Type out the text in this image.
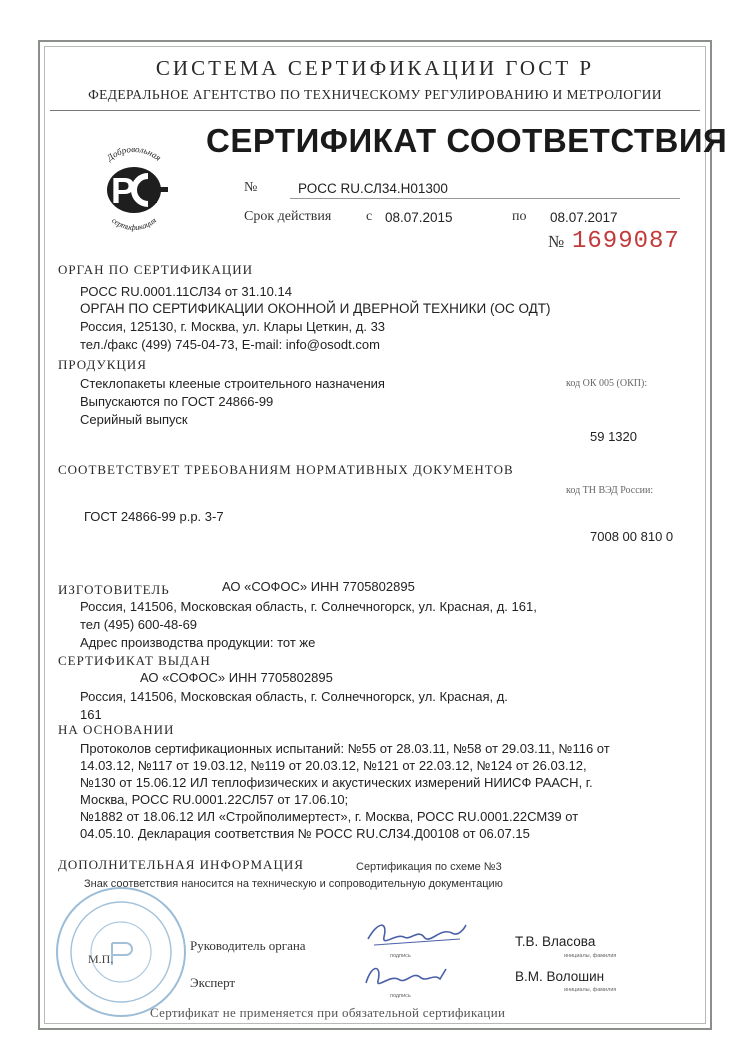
СИСТЕМА СЕРТИФИКАЦИИ ГОСТ Р
ФЕДЕРАЛЬНОЕ АГЕНТСТВО ПО ТЕХНИЧЕСКОМУ РЕГУЛИРОВАНИЮ И МЕТРОЛОГИИ
Добровольная
Р
сертификация
СЕРТИФИКАТ СООТВЕТСТВИЯ
№	РОСС RU.СЛ34.Н01300
Срок действия с 08.07.2015	по 08.07.2017
№ 1699087
ОРГАН ПО СЕРТИФИКАЦИИ
РОСС RU.0001.11СЛ34 от 31.10.14
ОРГАН ПО СЕРТИФИКАЦИИ ОКОННОЙ И ДВЕРНОЙ ТЕХНИКИ (ОС ОДТ)
Россия, 125130, г. Москва, ул. Клары Цеткин, д. 33
тел./факс (499) 745-04-73, E-mail: info@osodt.com
ПРОДУКЦИЯ
код ОК 005 (ОКП):
Стеклопакеты клееные строительного назначения
Выпускаются по ГОСТ 24866-99
Серийный выпуск
59 1320
СООТВЕТСТВУЕТ ТРЕБОВАНИЯМ НОРМАТИВНЫХ ДОКУМЕНТОВ
код ТН ВЭД России:
ГОСТ 24866-99 р.р. 3-7
7008 00 810 0
ИЗГОТОВИТЕЛЬ	АО «СОФОС» ИНН 7705802895
Россия, 141506, Московская область, г. Солнечногорск, ул. Красная, д. 161,
тел (495) 600-48-69
Адрес производства продукции: тот же
СЕРТИФИКАТ ВЫДАН
АО «СОФОС» ИНН 7705802895
Россия, 141506, Московская область, г. Солнечногорск, ул. Красная, д.
161
НА ОСНОВАНИИ
Протоколов сертификационных испытаний: №55 от 28.03.11, №58 от 29.03.11, №116 от
14.03.12, №117 от 19.03.12, №119 от 20.03.12, №121 от 22.03.12, №124 от 26.03.12,
№130 от 15.06.12 ИЛ теплофизических и акустических измерений НИИСФ РААСН, г.
Москва, РОСС RU.0001.22СЛ57 от 17.06.10;
№1882 от 18.06.12 ИЛ «Стройполимертест», г. Москва, РОСС RU.0001.22СМ39 от
04.05.10. Декларация соответствия № РОСС RU.СЛ34.Д00108 от 06.07.15
ДОПОЛНИТЕЛЬНАЯ ИНФОРМАЦИЯ	Сертификация по схеме №3
Знак соответствия наносится на техническую и сопроводительную документацию
М.П.
Руководитель органа
подпись
Т.В. Власова
инициалы, фамилия
Эксперт
подпись
В.М. Волошин
инициалы, фамилия
Сертификат не применяется при обязательной сертификации
